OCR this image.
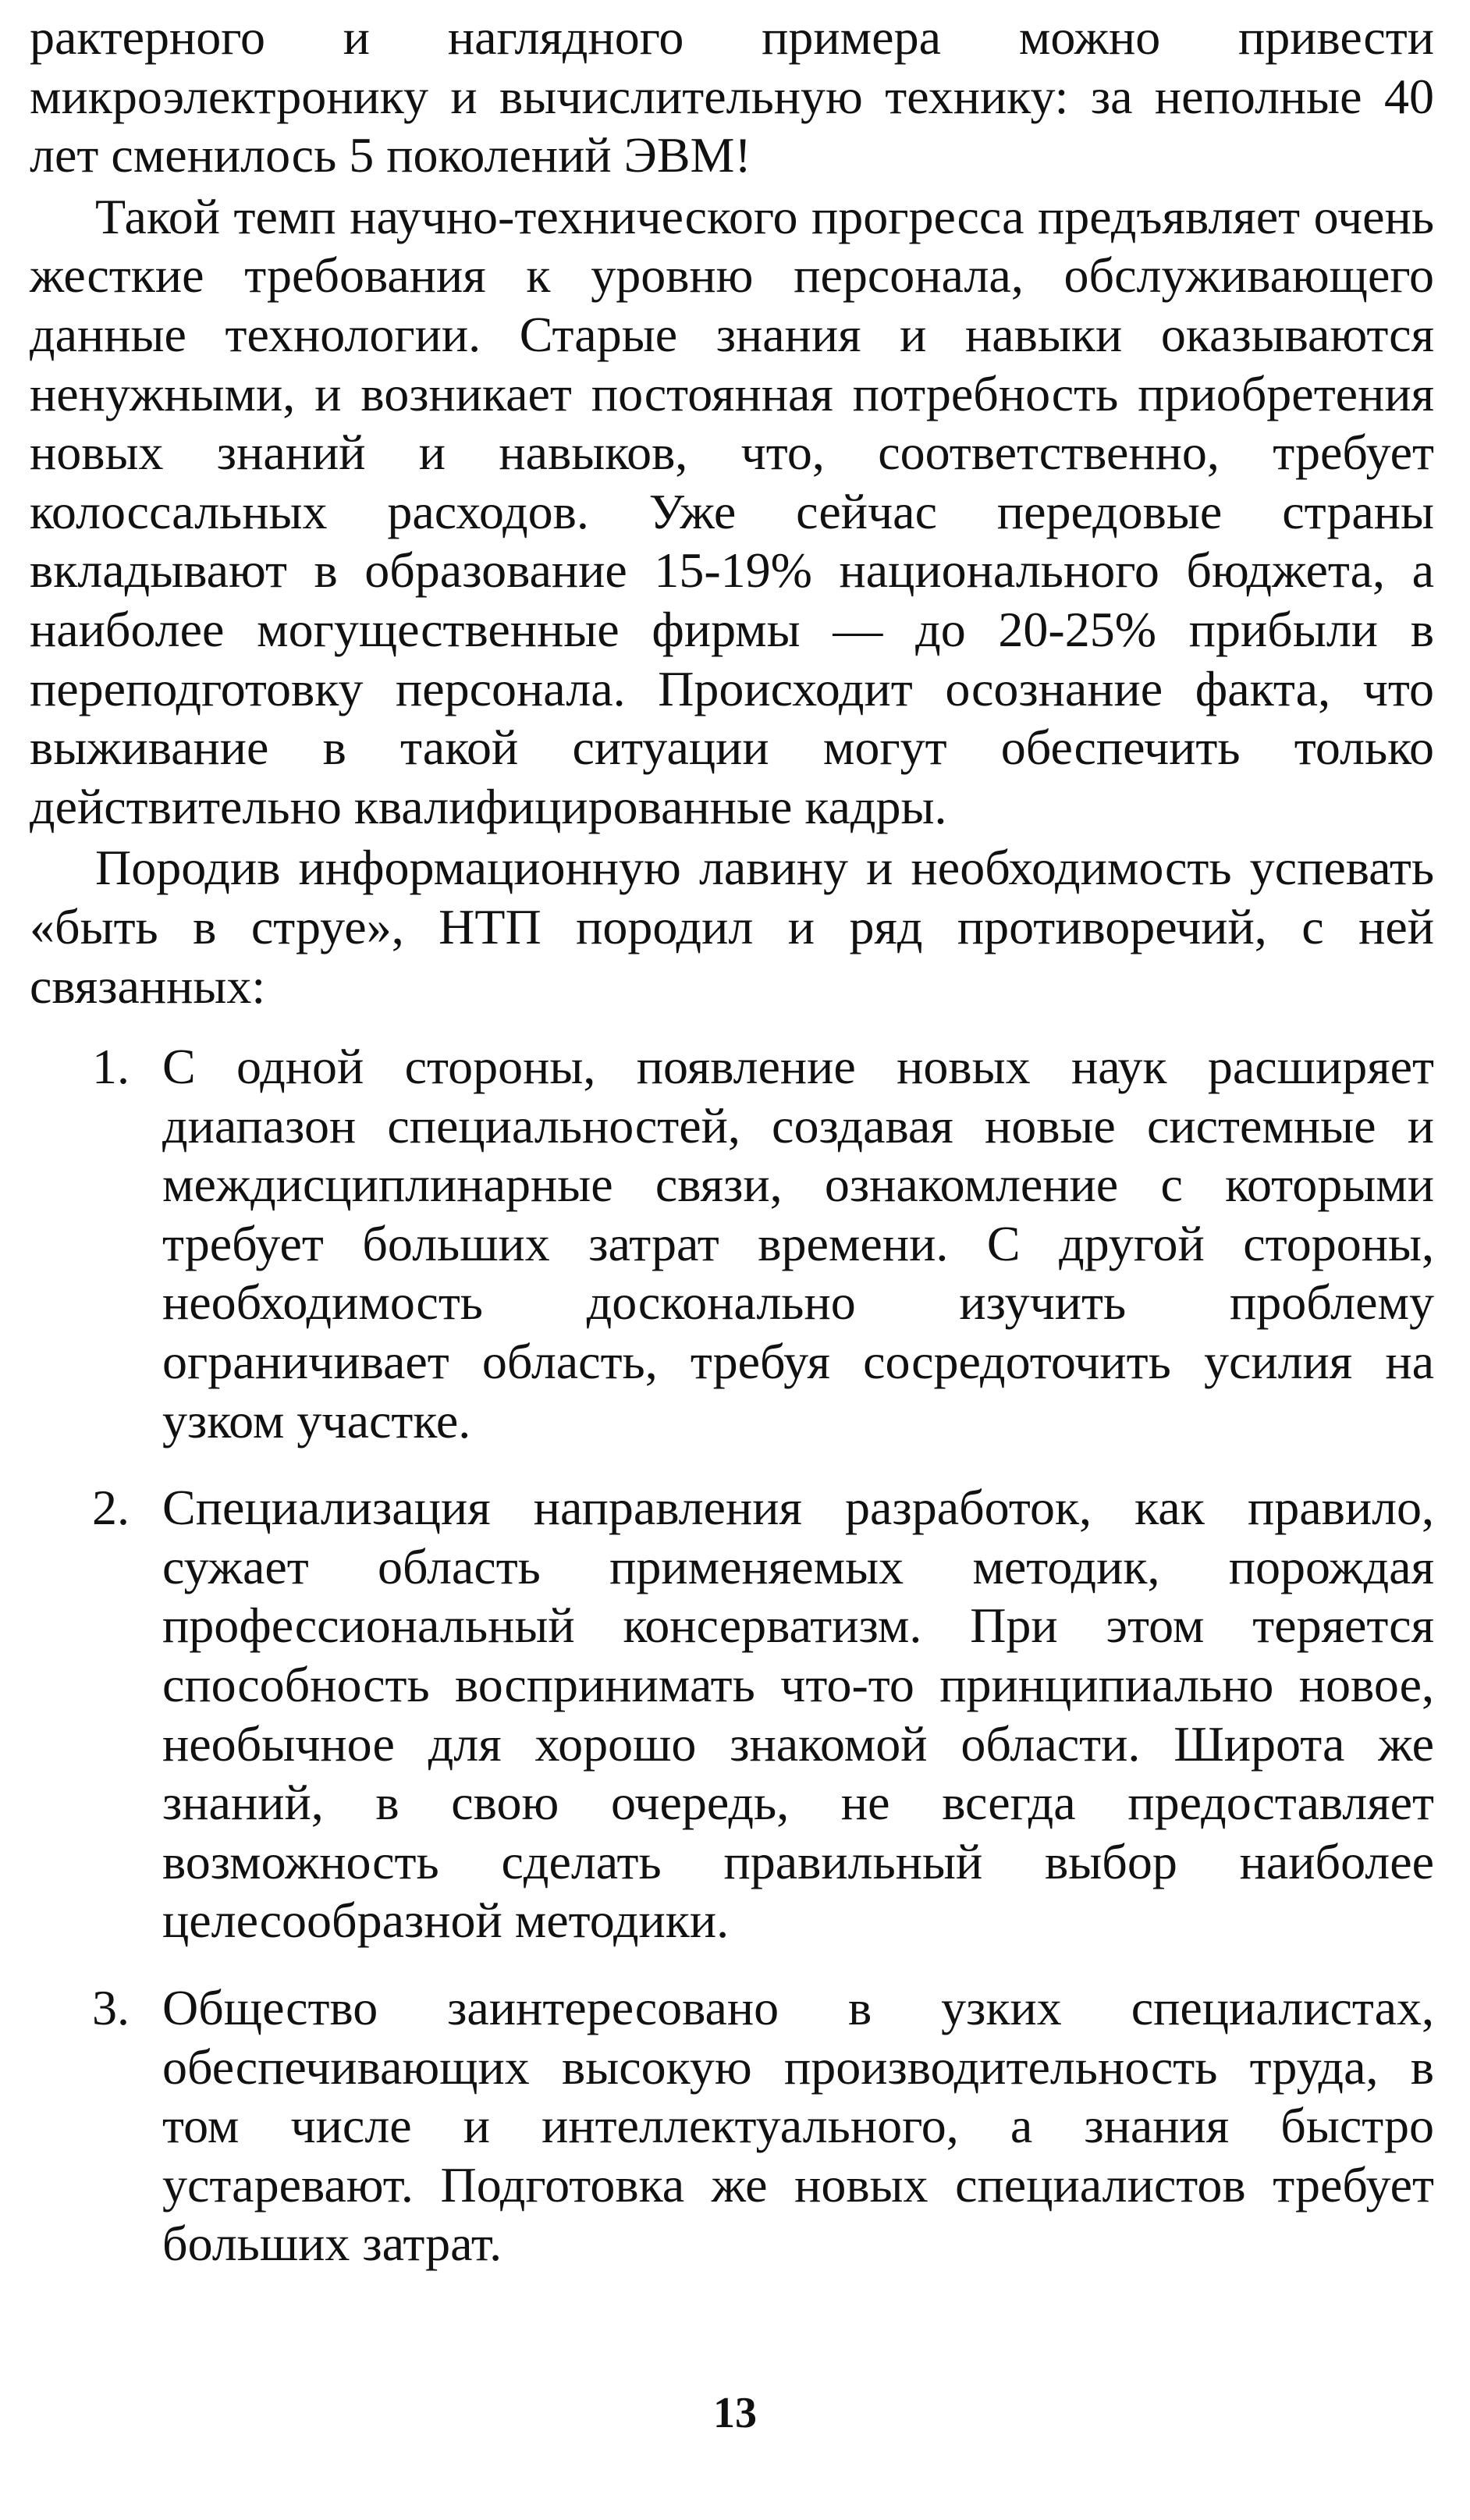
рактерного и наглядного примера можно привести микроэлектронику и вычислительную технику: за неполные 40 лет сменилось 5 поколений ЭВМ!

Такой темп научно-технического прогресса предъявляет очень жесткие требования к уровню персонала, обслуживающего данные технологии. Старые знания и навыки оказываются ненужными, и возникает постоянная потребность приобретения новых знаний и навыков, что, соответственно, требует колоссальных расходов. Уже сейчас передовые страны вкладывают в образование 15-19% национального бюджета, а наиболее могущественные фирмы — до 20-25% прибыли в переподготовку персонала. Происходит осознание факта, что выживание в такой ситуации могут обеспечить только действительно квалифицированные кадры.

Породив информационную лавину и необходимость успевать «быть в струе», НТП породил и ряд противоречий, с ней связанных:

1. С одной стороны, появление новых наук расширяет диапазон специальностей, создавая новые системные и междисциплинарные связи, ознакомление с которыми требует больших затрат времени. С другой стороны, необходимость досконально изучить проблему ограничивает область, требуя сосредоточить усилия на узком участке.
2. Специализация направления разработок, как правило, сужает область применяемых методик, порождая профессиональный консерватизм. При этом теряется способность воспринимать что-то принципиально новое, необычное для хорошо знакомой области. Широта же знаний, в свою очередь, не всегда предоставляет возможность сделать правильный выбор наиболее целесообразной методики.
3. Общество заинтересовано в узких специалистах, обеспечивающих высокую производительность труда, в том числе и интеллектуального, а знания быстро устаревают. Подготовка же новых специалистов требует больших затрат.
13
